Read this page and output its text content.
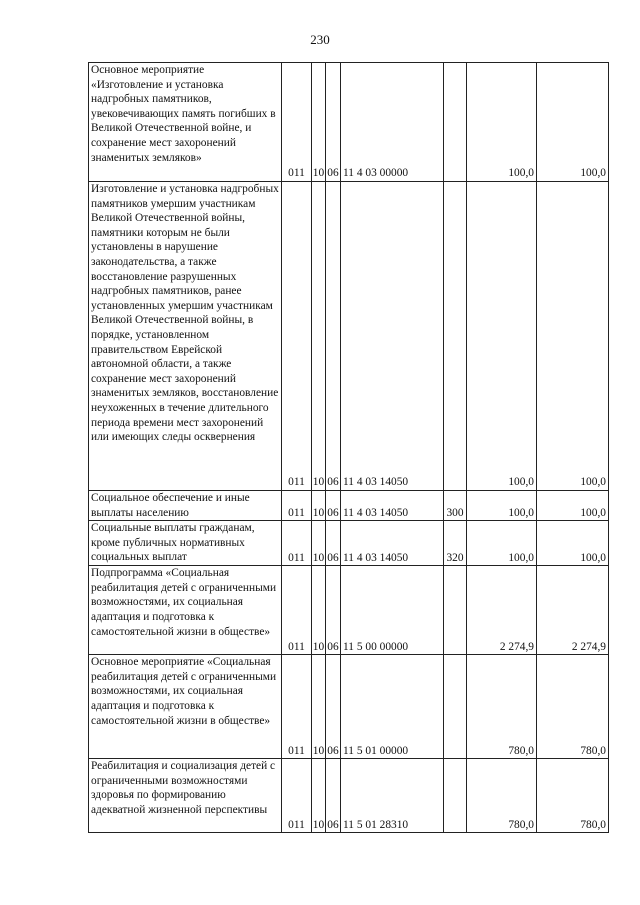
230
Основное мероприятие «Изготовление и установка надгробных памятников, увековечивающих память погибших в Великой Отечественной войне, и сохранение мест захоронений знаменитых земляков»	011	10	06	11 4 03 00000		100,0	100,0
Изготовление и установка надгробных памятников умершим участникам Великой Отечественной войны, памятники которым не были установлены в нарушение законодательства, а также восстановление разрушенных надгробных памятников, ранее установленных умершим участникам Великой Отечественной войны, в порядке, установленном правительством Еврейской автономной области, а также сохранение мест захоронений знаменитых земляков, восстановление неухоженных в течение длительного периода времени мест захоронений или имеющих следы осквернения	011	10	06	11 4 03 14050		100,0	100,0
Социальное обеспечение и иные выплаты населению	011	10	06	11 4 03 14050	300	100,0	100,0
Социальные выплаты гражданам, кроме публичных нормативных социальных выплат	011	10	06	11 4 03 14050	320	100,0	100,0
Подпрограмма «Социальная реабилитация детей с ограниченными возможностями, их социальная адаптация и подготовка к самостоятельной жизни в обществе»	011	10	06	11 5 00 00000		2 274,9	2 274,9
Основное мероприятие «Социальная реабилитация детей с ограниченными возможностями, их социальная адаптация и подготовка к самостоятельной жизни в обществе»	011	10	06	11 5 01 00000		780,0	780,0
Реабилитация и социализация детей с ограниченными возможностями здоровья по формированию адекватной жизненной перспективы	011	10	06	11 5 01 28310		780,0	780,0
